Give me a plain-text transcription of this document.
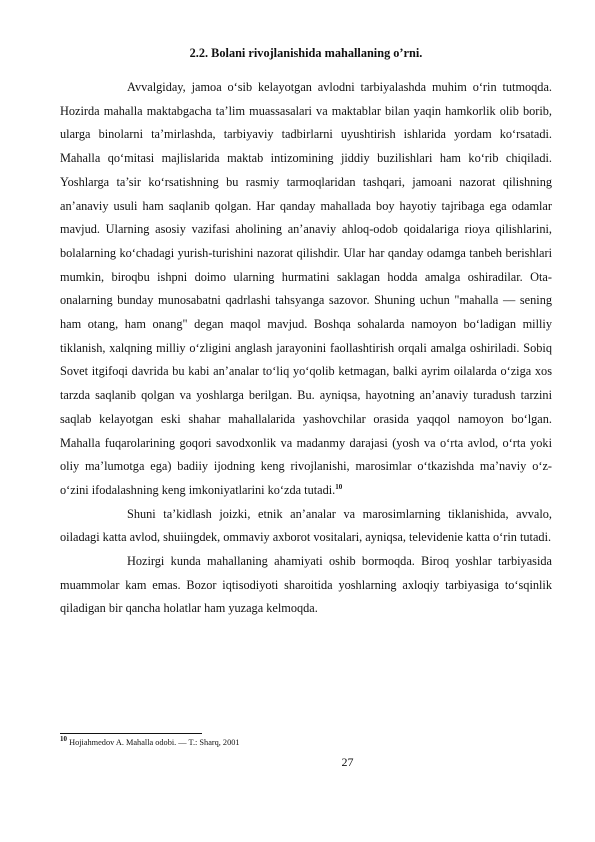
2.2. Bolani rivojlanishida mahallaning o’rni.

Avvalgiday, jamoa o‘sib kelayotgan avlodni tarbiyalashda muhim o‘rin tutmoqda. Hozirda mahalla maktabgacha ta’lim muassasalari va maktablar bilan yaqin hamkorlik olib borib, ularga binolarni ta’mirlashda, tarbiyaviy tadbirlarni uyushtirish ishlarida yordam ko‘rsatadi. Mahalla qo‘mitasi majlislarida maktab intizomining jiddiy buzilishlari ham ko‘rib chiqiladi. Yoshlarga ta’sir ko‘rsatishning bu rasmiy tarmoqlaridan tashqari, jamoani nazorat qilishning an’anaviy usuli ham saqlanib qolgan. Har qanday mahallada boy hayotiy tajribaga ega odamlar mavjud. Ularning asosiy vazifasi aholining an’anaviy ahloq-odob qoidalariga rioya qilishlarini, bolalarning ko‘chadagi yurish-turishini nazorat qilishdir. Ular har qanday odamga tanbeh berishlari mumkin, biroqbu ishpni doimo ularning hurmatini saklagan hodda amalga oshiradilar. Ota-onalarning bunday munosabatni qadrlashi tahsyanga sazovor. Shuning uchun "mahalla — sening ham otang, ham onang" degan maqol mavjud. Boshqa sohalarda namoyon bo‘ladigan milliy tiklanish, xalqning milliy o‘zligini anglash jarayonini faollashtirish orqali amalga oshiriladi. Sobiq Sovet itgifoqi davrida bu kabi an’analar to‘liq yo‘qolib ketmagan, balki ayrim oilalarda o‘ziga xos tarzda saqlanib qolgan va yoshlarga berilgan. Bu. ayniqsa, hayotning an’anaviy turadush tarzini saqlab kelayotgan eski shahar mahallalarida yashovchilar orasida yaqqol namoyon bo‘lgan. Mahalla fuqarolarining goqori savodxonlik va madanmy darajasi (yosh va o‘rta avlod, o‘rta yoki oliy ma’lumotga ega) badiiy ijodning keng rivojlanishi, marosimlar o‘tkazishda ma’naviy o‘z-o‘zini ifodalashning keng imkoniyatlarini ko‘zda tutadi.$^{10}$

Shuni ta’kidlash joizki, etnik an’analar va marosimlarning tiklanishida, avvalo, oiladagi katta avlod, shuiingdek, ommaviy axborot vositalari, ayniqsa, televidenie katta o‘rin tutadi.

Hozirgi kunda mahallaning ahamiyati oshib bormoqda. Biroq yoshlar tarbiyasida muammolar kam emas. Bozor iqtisodiyoti sharoitida yoshlarning axloqiy tarbiyasiga to‘sqinlik qiladigan bir qancha holatlar ham yuzaga kelmoqda.

$^{10}$ Hojiahmedov A. Mahalla odobi. — T.: Sharq, 2001
27
